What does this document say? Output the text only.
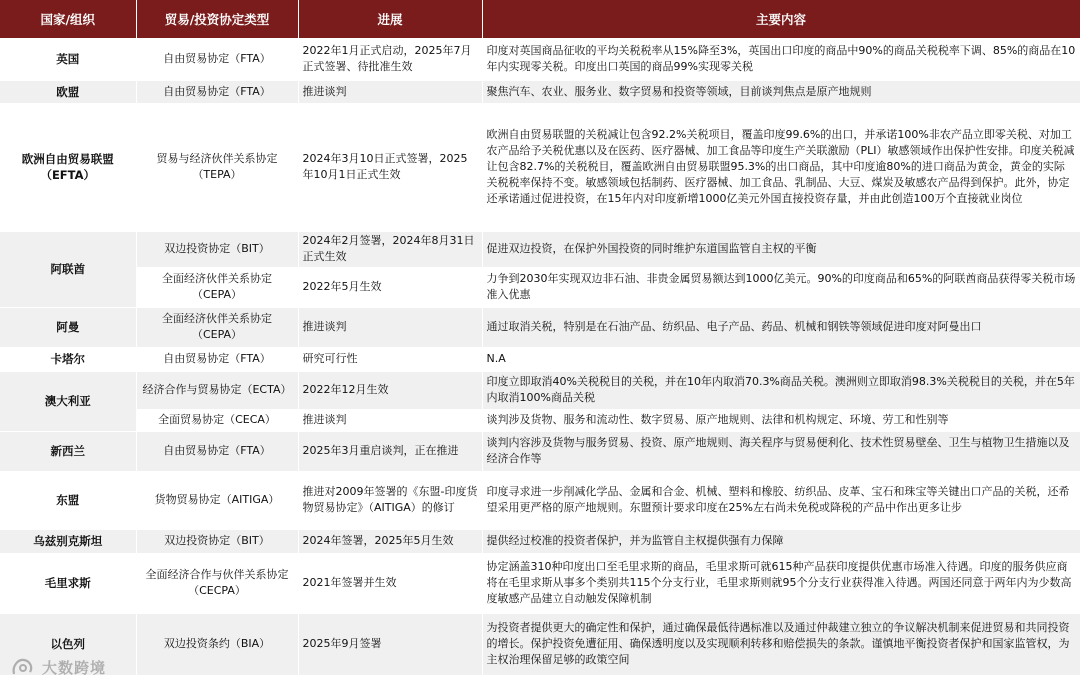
国家/组织	贸易/投资协定类型	进展	主要内容
英国	自由贸易协定（FTA）	2022年1月正式启动，2025年7月正式签署、待批准生效	印度对英国商品征收的平均关税税率从15%降至3%，英国出口印度的商品中90%的商品关税税率下调、85%的商品在10年内实现零关税。印度出口英国的商品99%实现零关税
欧盟	自由贸易协定（FTA）	推进谈判	聚焦汽车、农业、服务业、数字贸易和投资等领域，目前谈判焦点是原产地规则
欧洲自由贸易联盟（EFTA）	贸易与经济伙伴关系协定（TEPA）	2024年3月10日正式签署，2025年10月1日正式生效	欧洲自由贸易联盟的关税减让包含92.2%关税项目，覆盖印度99.6%的出口，并承诺100%非农产品立即零关税、对加工农产品给予关税优惠以及在医药、医疗器械、加工食品等印度生产关联激励（PLI）敏感领域作出保护性安排。印度关税减让包含82.7%的关税税目，覆盖欧洲自由贸易联盟95.3%的出口商品，其中印度逾80%的进口商品为黄金，黄金的实际关税税率保持不变。敏感领域包括制药、医疗器械、加工食品、乳制品、大豆、煤炭及敏感农产品得到保护。此外，协定还承诺通过促进投资，在15年内对印度新增1000亿美元外国直接投资存量，并由此创造100万个直接就业岗位
阿联酋	双边投资协定（BIT）	2024年2月签署，2024年8月31日正式生效	促进双边投资，在保护外国投资的同时维护东道国监管自主权的平衡
	全面经济伙伴关系协定（CEPA）	2022年5月生效	力争到2030年实现双边非石油、非贵金属贸易额达到1000亿美元。90%的印度商品和65%的阿联酋商品获得零关税市场准入优惠
阿曼	全面经济伙伴关系协定（CEPA）	推进谈判	通过取消关税，特别是在石油产品、纺织品、电子产品、药品、机械和钢铁等领域促进印度对阿曼出口
卡塔尔	自由贸易协定（FTA）	研究可行性	N.A
澳大利亚	经济合作与贸易协定（ECTA）	2022年12月生效	印度立即取消40%关税税目的关税，并在10年内取消70.3%商品关税。澳洲则立即取消98.3%关税税目的关税，并在5年内取消100%商品关税
	全面贸易协定（CECA）	推进谈判	谈判涉及货物、服务和流动性、数字贸易、原产地规则、法律和机构规定、环境、劳工和性别等
新西兰	自由贸易协定（FTA）	2025年3月重启谈判，正在推进	谈判内容涉及货物与服务贸易、投资、原产地规则、海关程序与贸易便利化、技术性贸易壁垒、卫生与植物卫生措施以及经济合作等
东盟	货物贸易协定（AITIGA）	推进对2009年签署的《东盟-印度货物贸易协定》（AITIGA）的修订	印度寻求进一步削减化学品、金属和合金、机械、塑料和橡胶、纺织品、皮革、宝石和珠宝等关键出口产品的关税，还希望采用更严格的原产地规则。东盟预计要求印度在25%左右尚未免税或降税的产品中作出更多让步
乌兹别克斯坦	双边投资协定（BIT）	2024年签署，2025年5月生效	提供经过校准的投资者保护，并为监管自主权提供强有力保障
毛里求斯	全面经济合作与伙伴关系协定（CECPA）	2021年签署并生效	协定涵盖310种印度出口至毛里求斯的商品，毛里求斯可就615种产品获印度提供优惠市场准入待遇。印度的服务供应商将在毛里求斯从事多个类别共115个分支行业，毛里求斯则就95个分支行业获得准入待遇。两国还同意于两年内为少数高度敏感产品建立自动触发保障机制
以色列	双边投资条约（BIA）	2025年9月签署	为投资者提供更大的确定性和保护，通过确保最低待遇标准以及通过仲裁建立独立的争议解决机制来促进贸易和共同投资的增长。保护投资免遭征用、确保透明度以及实现顺利转移和赔偿损失的条款。谨慎地平衡投资者保护和国家监管权，为主权治理保留足够的政策空间
大数跨境
